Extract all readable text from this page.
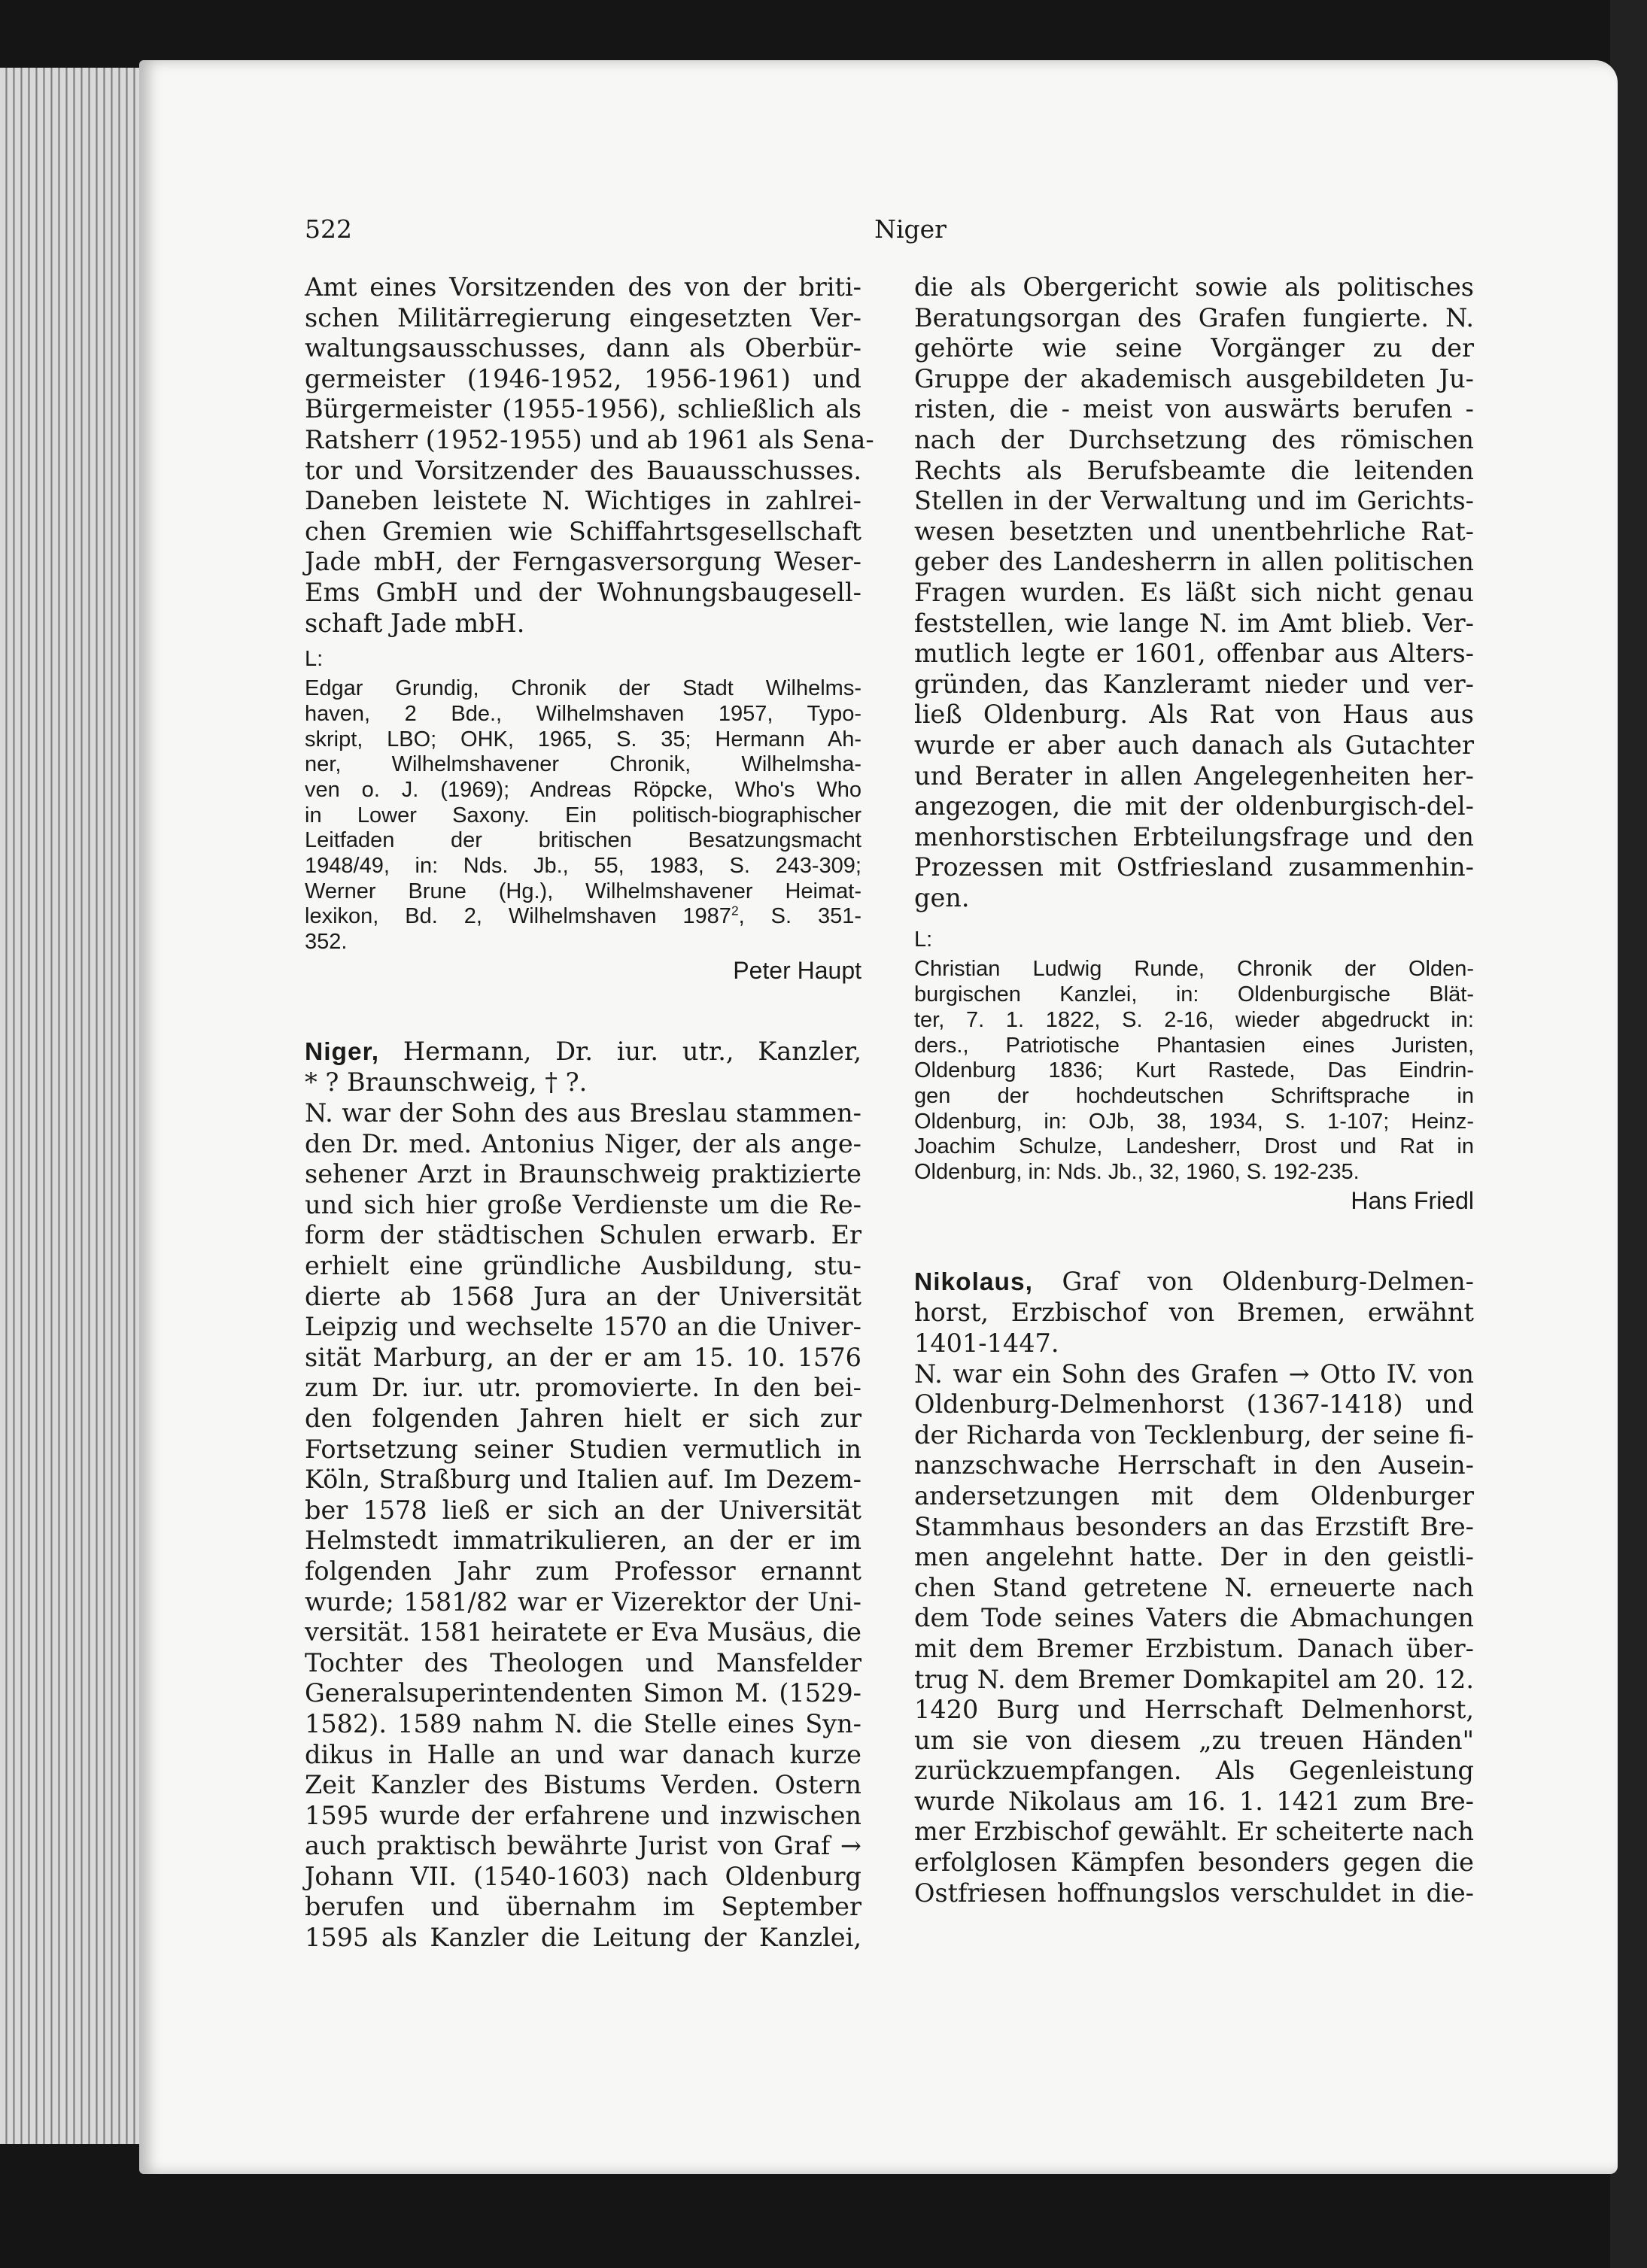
522	Niger
Amt eines Vorsitzenden des von der briti-
schen Militärregierung eingesetzten Ver-
waltungsausschusses, dann als Oberbür-
germeister (1946-1952, 1956-1961) und
Bürgermeister (1955-1956), schließlich als
Ratsherr (1952-1955) und ab 1961 als Sena-
tor und Vorsitzender des Bauausschusses.
Daneben leistete N. Wichtiges in zahlrei-
chen Gremien wie Schiffahrtsgesellschaft
Jade mbH, der Ferngasversorgung Weser-
Ems GmbH und der Wohnungsbaugesell-
schaft Jade mbH.
L:
Edgar Grundig, Chronik der Stadt Wilhelms-
haven, 2 Bde., Wilhelmshaven 1957, Typo-
skript, LBO; OHK, 1965, S. 35; Hermann Ah-
ner, Wilhelmshavener Chronik, Wilhelmsha-
ven o. J. (1969); Andreas Röpcke, Who's Who
in Lower Saxony. Ein politisch-biographischer
Leitfaden der britischen Besatzungsmacht
1948/49, in: Nds. Jb., 55, 1983, S. 243-309;
Werner Brune (Hg.), Wilhelmshavener Heimat-
lexikon, Bd. 2, Wilhelmshaven 1987$^2$, S. 351-
352.
Peter Haupt
Niger, Hermann, Dr. iur. utr., Kanzler,
* ? Braunschweig, † ?.
N. war der Sohn des aus Breslau stammen-
den Dr. med. Antonius Niger, der als ange-
sehener Arzt in Braunschweig praktizierte
und sich hier große Verdienste um die Re-
form der städtischen Schulen erwarb. Er
erhielt eine gründliche Ausbildung, stu-
dierte ab 1568 Jura an der Universität
Leipzig und wechselte 1570 an die Univer-
sität Marburg, an der er am 15. 10. 1576
zum Dr. iur. utr. promovierte. In den bei-
den folgenden Jahren hielt er sich zur
Fortsetzung seiner Studien vermutlich in
Köln, Straßburg und Italien auf. Im Dezem-
ber 1578 ließ er sich an der Universität
Helmstedt immatrikulieren, an der er im
folgenden Jahr zum Professor ernannt
wurde; 1581/82 war er Vizerektor der Uni-
versität. 1581 heiratete er Eva Musäus, die
Tochter des Theologen und Mansfelder
Generalsuperintendenten Simon M. (1529-
1582). 1589 nahm N. die Stelle eines Syn-
dikus in Halle an und war danach kurze
Zeit Kanzler des Bistums Verden. Ostern
1595 wurde der erfahrene und inzwischen
auch praktisch bewährte Jurist von Graf →
Johann VII. (1540-1603) nach Oldenburg
berufen und übernahm im September
1595 als Kanzler die Leitung der Kanzlei,
die als Obergericht sowie als politisches
Beratungsorgan des Grafen fungierte. N.
gehörte wie seine Vorgänger zu der
Gruppe der akademisch ausgebildeten Ju-
risten, die - meist von auswärts berufen -
nach der Durchsetzung des römischen
Rechts als Berufsbeamte die leitenden
Stellen in der Verwaltung und im Gerichts-
wesen besetzten und unentbehrliche Rat-
geber des Landesherrn in allen politischen
Fragen wurden. Es läßt sich nicht genau
feststellen, wie lange N. im Amt blieb. Ver-
mutlich legte er 1601, offenbar aus Alters-
gründen, das Kanzleramt nieder und ver-
ließ Oldenburg. Als Rat von Haus aus
wurde er aber auch danach als Gutachter
und Berater in allen Angelegenheiten her-
angezogen, die mit der oldenburgisch-del-
menhorstischen Erbteilungsfrage und den
Prozessen mit Ostfriesland zusammenhin-
gen.
L:
Christian Ludwig Runde, Chronik der Olden-
burgischen Kanzlei, in: Oldenburgische Blät-
ter, 7. 1. 1822, S. 2-16, wieder abgedruckt in:
ders., Patriotische Phantasien eines Juristen,
Oldenburg 1836; Kurt Rastede, Das Eindrin-
gen der hochdeutschen Schriftsprache in
Oldenburg, in: OJb, 38, 1934, S. 1-107; Heinz-
Joachim Schulze, Landesherr, Drost und Rat in
Oldenburg, in: Nds. Jb., 32, 1960, S. 192-235.
Hans Friedl
Nikolaus, Graf von Oldenburg-Delmen-
horst, Erzbischof von Bremen, erwähnt
1401-1447.
N. war ein Sohn des Grafen → Otto IV. von
Oldenburg-Delmenhorst (1367-1418) und
der Richarda von Tecklenburg, der seine fi-
nanzschwache Herrschaft in den Ausein-
andersetzungen mit dem Oldenburger
Stammhaus besonders an das Erzstift Bre-
men angelehnt hatte. Der in den geistli-
chen Stand getretene N. erneuerte nach
dem Tode seines Vaters die Abmachungen
mit dem Bremer Erzbistum. Danach über-
trug N. dem Bremer Domkapitel am 20. 12.
1420 Burg und Herrschaft Delmenhorst,
um sie von diesem „zu treuen Händen"
zurückzuempfangen. Als Gegenleistung
wurde Nikolaus am 16. 1. 1421 zum Bre-
mer Erzbischof gewählt. Er scheiterte nach
erfolglosen Kämpfen besonders gegen die
Ostfriesen hoffnungslos verschuldet in die-
